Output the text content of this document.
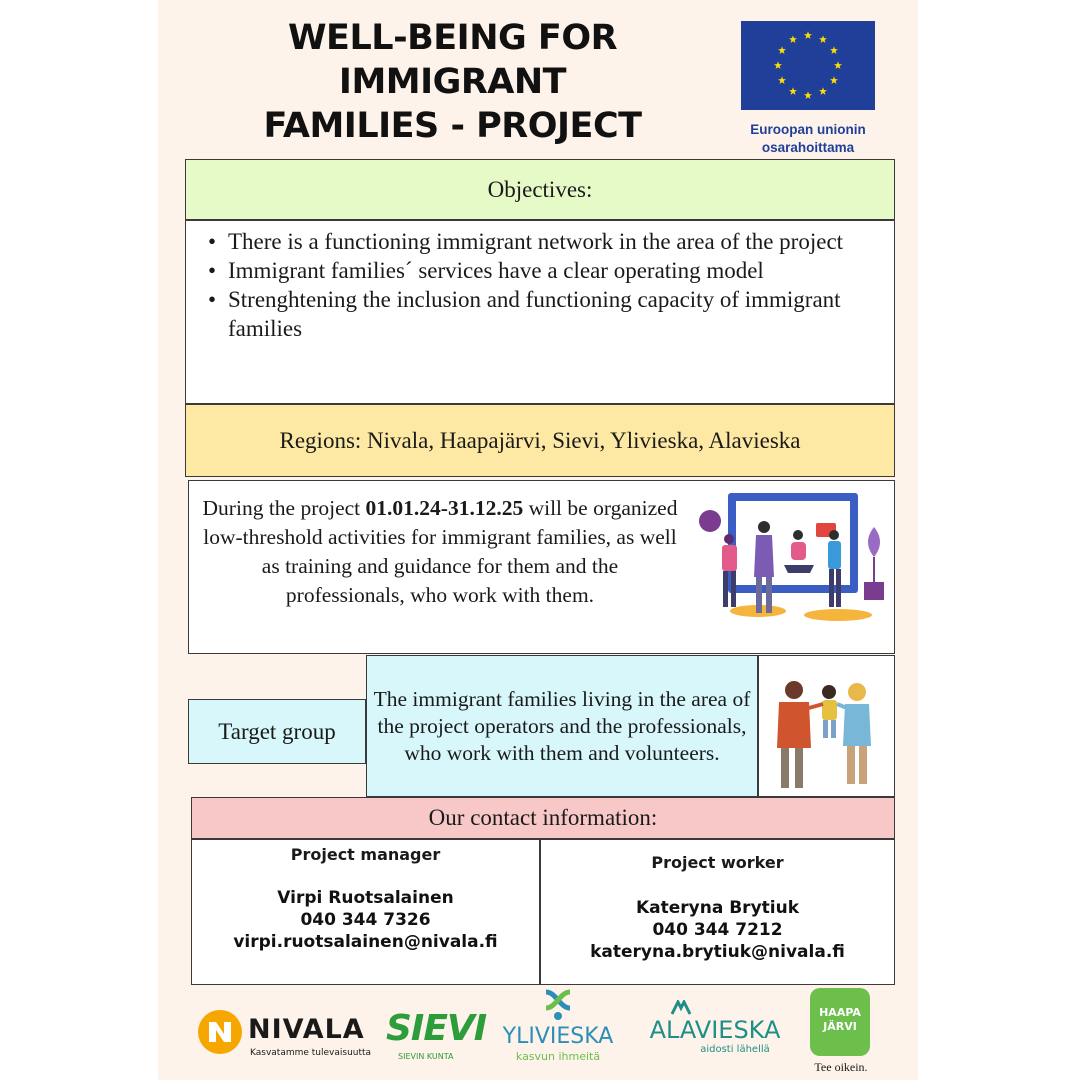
WELL-BEING FOR IMMIGRANT
FAMILIES - PROJECT	Euroopan unionin
osarahoittama
Objectives:
• There is a functioning immigrant network in the area of the project
• Immigrant families´ services have a clear operating model
• Strenghtening the inclusion and functioning capacity of immigrant families
Regions: Nivala, Haapajärvi, Sievi, Ylivieska, Alavieska
During the project 01.01.24-31.12.25 will be organized low-threshold activities for immigrant families, as well as training and guidance for them and the professionals, who work with them.
Target group
The immigrant families living in the area of the project operators and the professionals, who work with them and volunteers.
Our contact information:
Project manager
Virpi Ruotsalainen
040 344 7326
virpi.ruotsalainen@nivala.fi
Project worker
Kateryna Brytiuk
040 344 7212
kateryna.brytiuk@nivala.fi
NIVALA
Kasvatamme tulevaisuutta
SIEVI
SIEVIN KUNTA
YLIVIESKA
kasvun ihmeitä
ALAVIESKA
aidosti lähellä
HAAPA
JÄRVI
Tee oikein.
